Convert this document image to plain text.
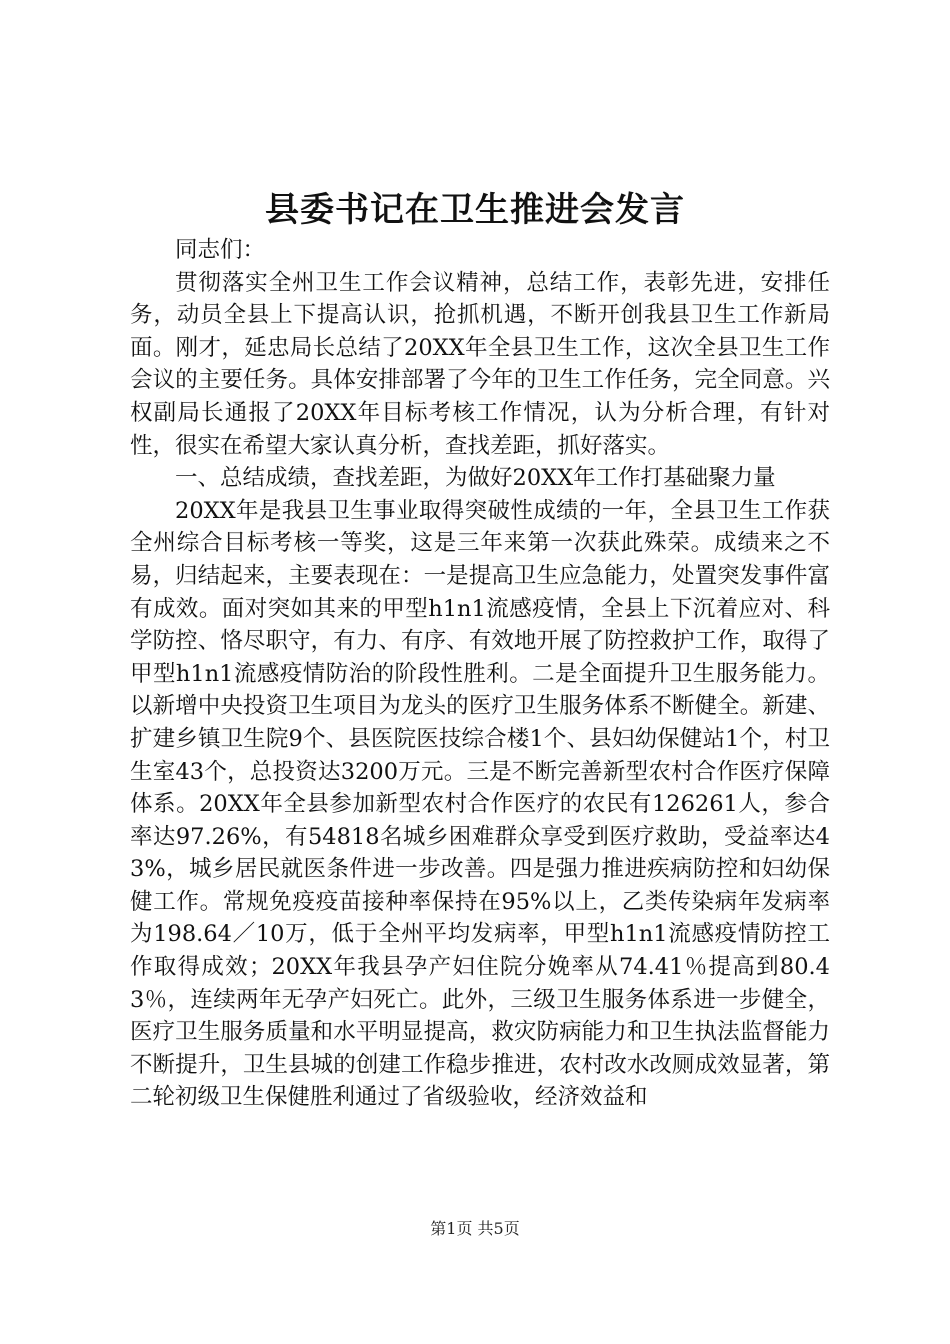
县委书记在卫生推进会发言

同志们：

贯彻落实全州卫生工作会议精神，总结工作，表彰先进，安排任务，动员全县上下提高认识，抢抓机遇，不断开创我县卫生工作新局面。刚才，延忠局长总结了20XX年全县卫生工作，这次全县卫生工作会议的主要任务。具体安排部署了今年的卫生工作任务，完全同意。兴权副局长通报了20XX年目标考核工作情况，认为分析合理，有针对性，很实在希望大家认真分析，查找差距，抓好落实。

一、总结成绩，查找差距，为做好20XX年工作打基础聚力量

20XX年是我县卫生事业取得突破性成绩的一年，全县卫生工作获全州综合目标考核一等奖，这是三年来第一次获此殊荣。成绩来之不易，归结起来，主要表现在：一是提高卫生应急能力，处置突发事件富有成效。面对突如其来的甲型h1n1流感疫情，全县上下沉着应对、科学防控、恪尽职守，有力、有序、有效地开展了防控救护工作，取得了甲型h1n1流感疫情防治的阶段性胜利。二是全面提升卫生服务能力。以新增中央投资卫生项目为龙头的医疗卫生服务体系不断健全。新建、扩建乡镇卫生院9个、县医院医技综合楼1个、县妇幼保健站1个，村卫生室43个，总投资达3200万元。三是不断完善新型农村合作医疗保障体系。20XX年全县参加新型农村合作医疗的农民有126261人，参合率达97.26%，有54818名城乡困难群众享受到医疗救助，受益率达43%，城乡居民就医条件进一步改善。四是强力推进疾病防控和妇幼保健工作。常规免疫疫苗接种率保持在95%以上，乙类传染病年发病率为198.64／10万，低于全州平均发病率，甲型h1n1流感疫情防控工作取得成效；20XX年我县孕产妇住院分娩率从74.41％提高到80.43％，连续两年无孕产妇死亡。此外，三级卫生服务体系进一步健全，医疗卫生服务质量和水平明显提高，救灾防病能力和卫生执法监督能力不断提升，卫生县城的创建工作稳步推进，农村改水改厕成效显著，第二轮初级卫生保健胜利通过了省级验收，经济效益和

第1页 共5页
